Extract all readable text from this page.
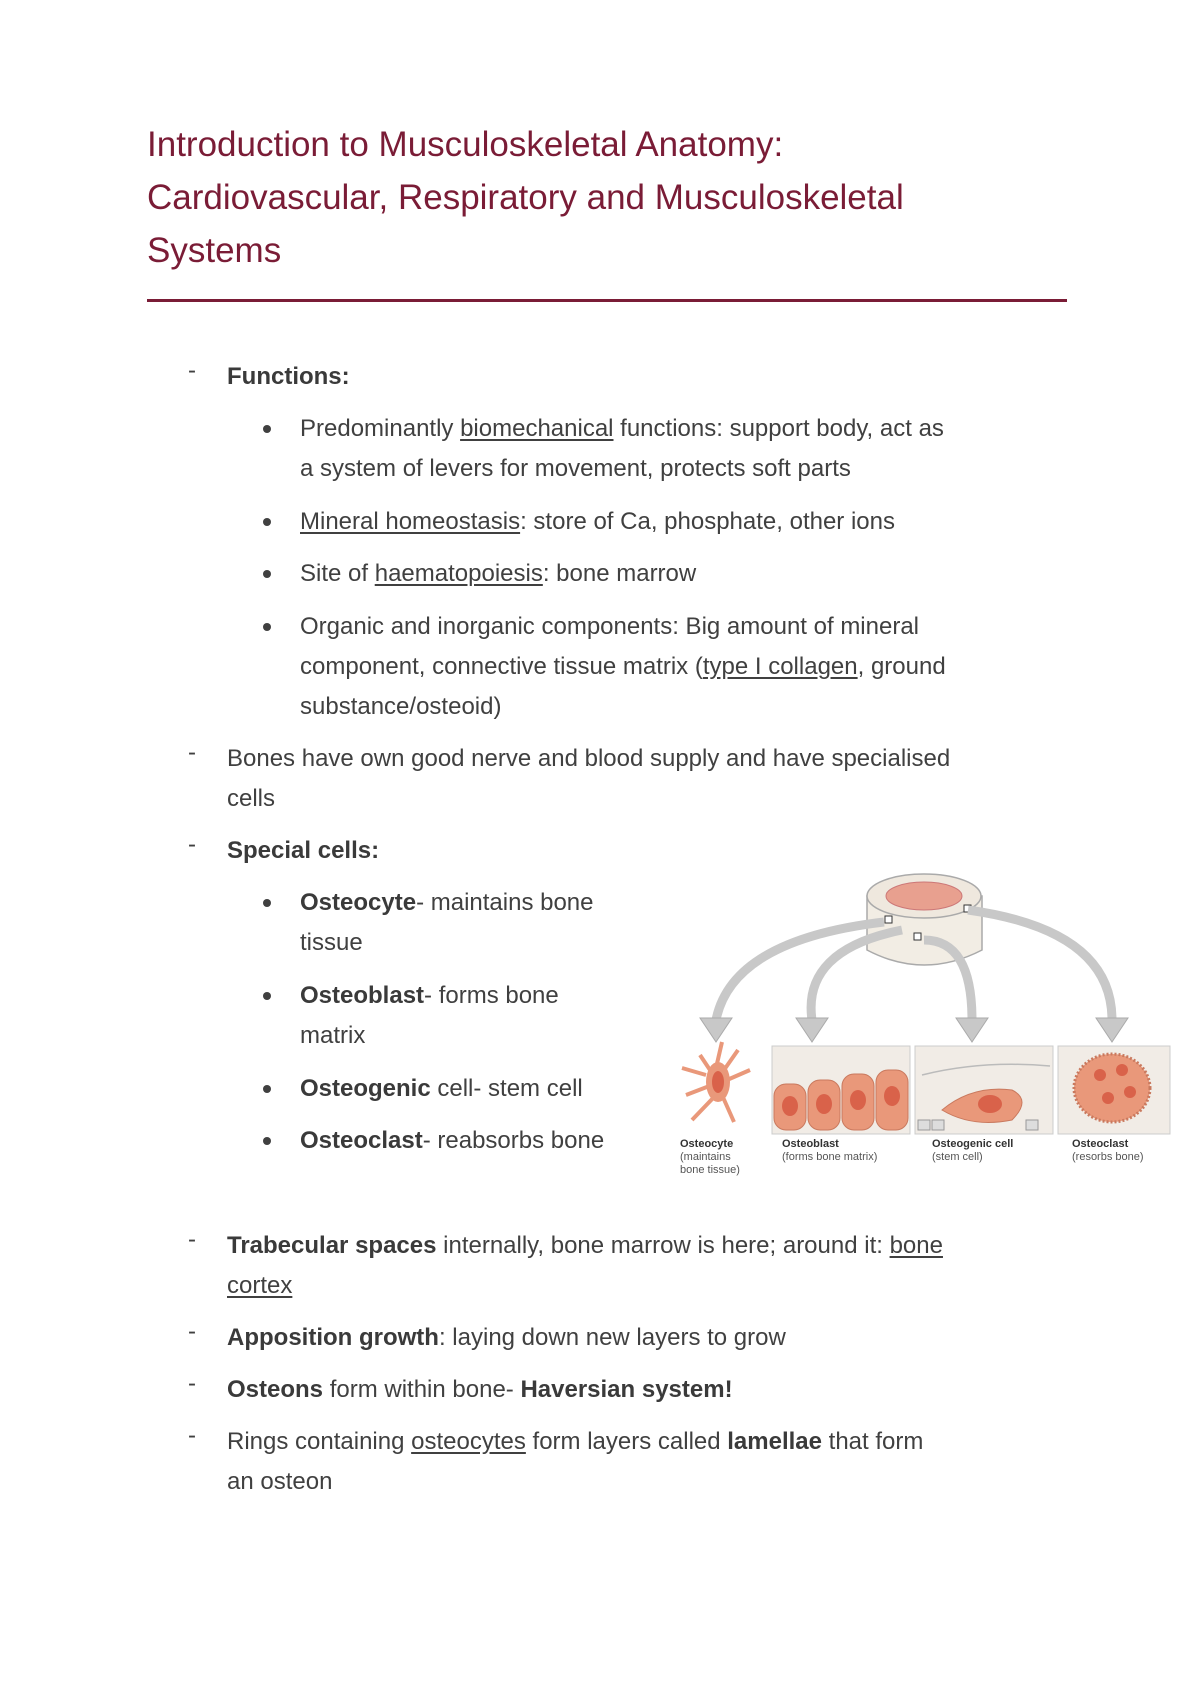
Introduction to Musculoskeletal Anatomy:
Cardiovascular, Respiratory and Musculoskeletal
Systems
- Functions:
Predominantly biomechanical functions: support body, act as
a system of levers for movement, protects soft parts
Mineral homeostasis: store of Ca, phosphate, other ions
Site of haematopoiesis: bone marrow
Organic and inorganic components: Big amount of mineral
component, connective tissue matrix (type I collagen, ground
substance/osteoid)
- Bones have own good nerve and blood supply and have specialised
cells
- Special cells:
Osteocyte- maintains bone
tissue
Osteoblast- forms bone
matrix
Osteogenic cell- stem cell
Osteoclast- reabsorbs bone
- Trabecular spaces internally, bone marrow is here; around it: bone
cortex
- Apposition growth: laying down new layers to grow
- Osteons form within bone- Haversian system!
- Rings containing osteocytes form layers called lamellae that form
an osteon
Osteocyte
(maintains
bone tissue)
Osteoblast
(forms bone matrix)
Osteogenic cell
(stem cell)
Osteoclast
(resorbs bone)
